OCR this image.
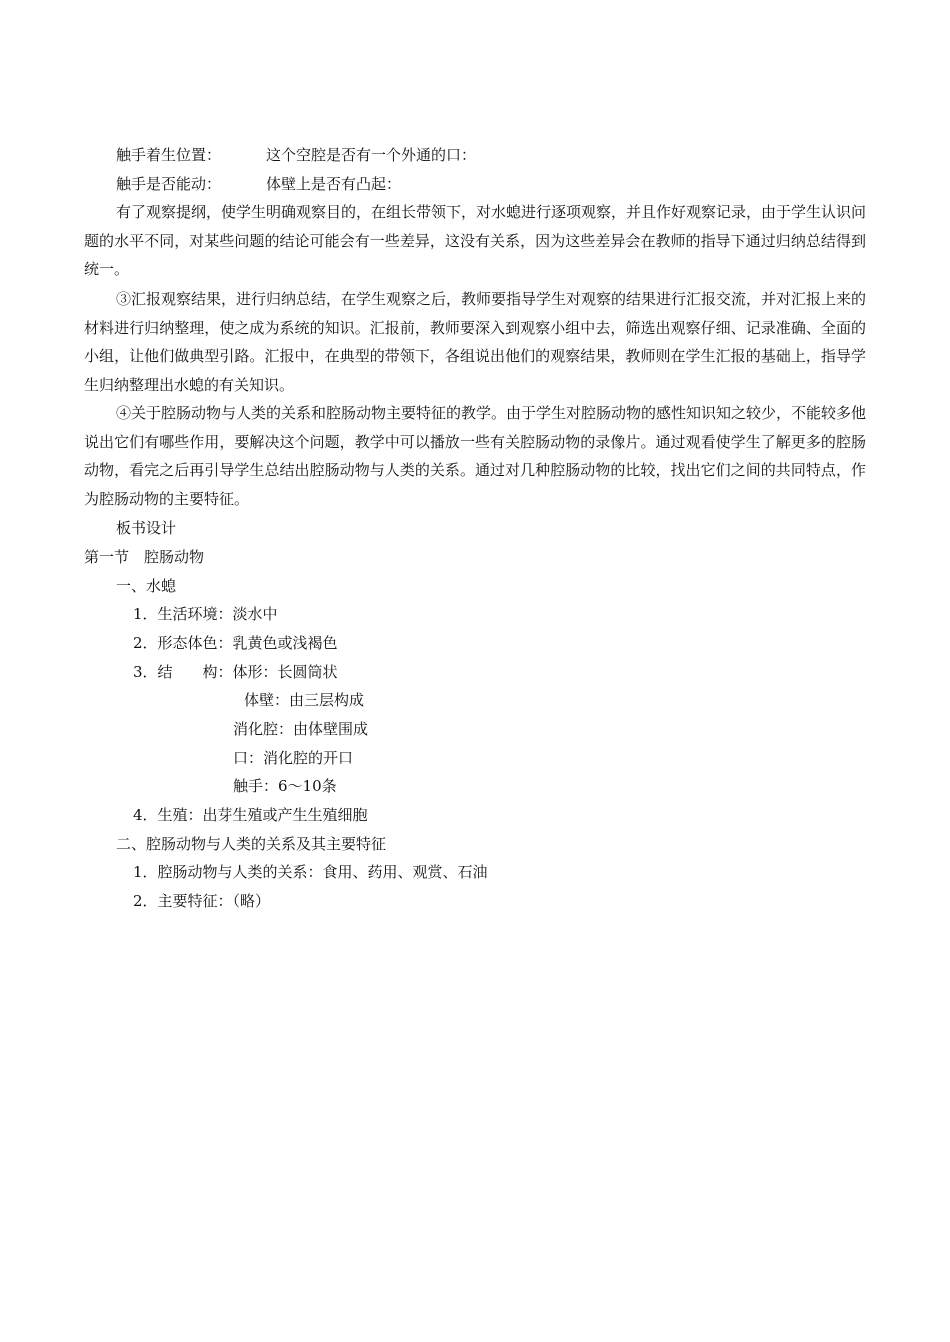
触手着生位置：	这个空腔是否有一个外通的口：
触手是否能动：	体壁上是否有凸起：
有了观察提纲，使学生明确观察目的，在组长带领下，对水螅进行逐项观察，并且作好观察记录，由于学生认识问题的水平不同，对某些问题的结论可能会有一些差异，这没有关系，因为这些差异会在教师的指导下通过归纳总结得到统一。
③汇报观察结果，进行归纳总结，在学生观察之后，教师要指导学生对观察的结果进行汇报交流，并对汇报上来的材料进行归纳整理，使之成为系统的知识。汇报前，教师要深入到观察小组中去，筛选出观察仔细、记录准确、全面的小组，让他们做典型引路。汇报中，在典型的带领下，各组说出他们的观察结果，教师则在学生汇报的基础上，指导学生归纳整理出水螅的有关知识。
④关于腔肠动物与人类的关系和腔肠动物主要特征的教学。由于学生对腔肠动物的感性知识知之较少，不能较多他说出它们有哪些作用，要解决这个问题，教学中可以播放一些有关腔肠动物的录像片。通过观看使学生了解更多的腔肠动物，看完之后再引导学生总结出腔肠动物与人类的关系。通过对几种腔肠动物的比较，找出它们之间的共同特点，作为腔肠动物的主要特征。
板书设计
第一节　腔肠动物
一、水螅
1．生活环境：淡水中
2．形态体色：乳黄色或浅褐色
3．结　　构：体形：长圆筒状
体壁：由三层构成
消化腔：由体壁围成
口：消化腔的开口
触手：6～10条
4．生殖：出芽生殖或产生生殖细胞
二、腔肠动物与人类的关系及其主要特征
1．腔肠动物与人类的关系：食用、药用、观赏、石油
2．主要特征：（略）
